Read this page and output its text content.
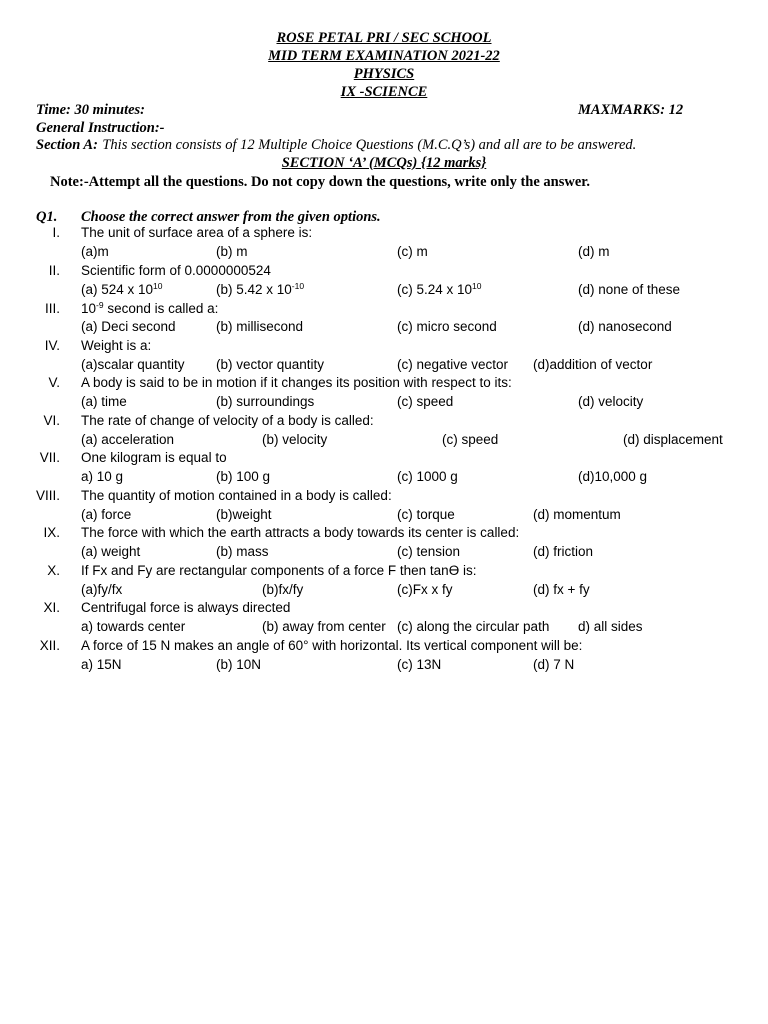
ROSE PETAL PRI / SEC SCHOOL
MID TERM EXAMINATION 2021-22
PHYSICS
IX -SCIENCE
Time: 30 minutes:	MAXMARKS: 12
General Instruction:-
Section A: This section consists of 12 Multiple Choice Questions (M.C.Q’s) and all are to be answered.
SECTION ‘A’ (MCQs) {12 marks}
Note:-Attempt all the questions. Do not copy down the questions, write only the answer.
Q1. Choose the correct answer from the given options.
I. The unit of surface area of a sphere is:
(a)m	(b) m	(c) m	(d) m
II. Scientific form of 0.0000000524
(a) 524 x $10^{10}$	(b) 5.42 x $10^{-10}$	(c) 5.24 x $10^{10}$	(d) none of these
III. $10^{-9}$ second is called a:
(a) Deci second	(b) millisecond	(c) micro second	(d) nanosecond
IV. Weight is a:
(a)scalar quantity (b) vector quantity	(c) negative vector (d)addition of vector
V. A body is said to be in motion if it changes its position with respect to its:
(a) time	(b) surroundings	(c) speed	(d) velocity
VI. The rate of change of velocity of a body is called:
(a) acceleration	(b) velocity	(c) speed	(d) displacement
VII. One kilogram is equal to
a) 10 g	(b) 100 g	(c) 1000 g	(d)10,000 g
VIII. The quantity of motion contained in a body is called:
(a) force	(b)weight	(c) torque	(d) momentum
IX. The force with which the earth attracts a body towards its center is called:
(a) weight	(b) mass	(c) tension	(d) friction
X. If Fx and Fy are rectangular components of a force F then tanϴ is:
(a)fy/fx	(b)fx/fy	(c)Fx x fy	(d) fx + fy
XI. Centrifugal force is always directed
a) towards center	(b) away from center (c) along the circular path d) all sides
XII. A force of 15 N makes an angle of 60° with horizontal. Its vertical component will be:
a) 15N	(b) 10N	(c) 13N	(d) 7 N
